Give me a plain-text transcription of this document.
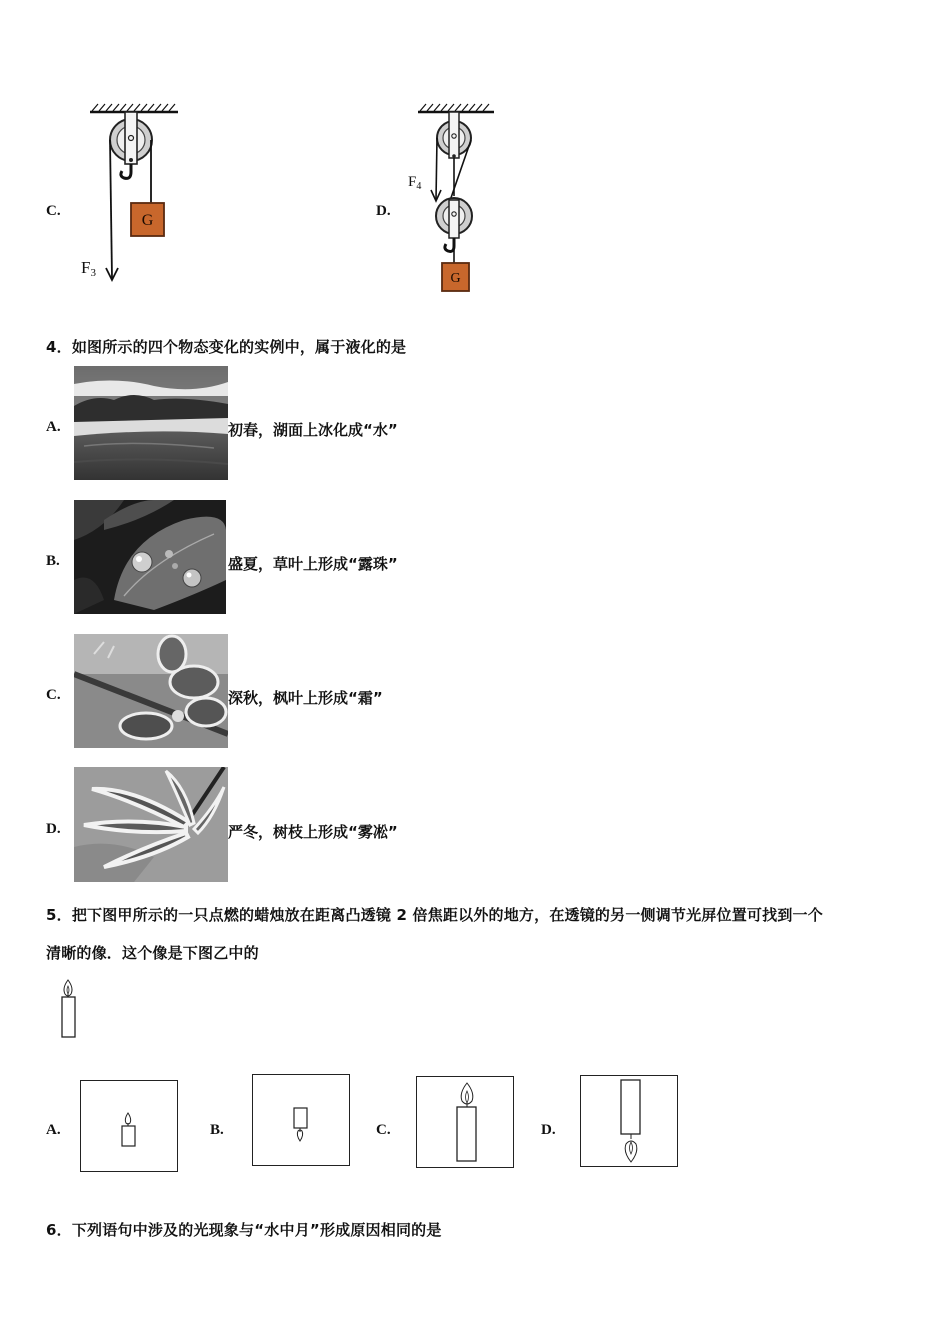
C.
G
F3
D.
G
$F_4$
4．如图所示的四个物态变化的实例中，属于液化的是
A.	初春，湖面上冰化成“水”
B.	盛夏，草叶上形成“露珠”
C.	深秋，枫叶上形成“霜”
D.	严冬，树枝上形成“雾凇”
5．把下图甲所示的一只点燃的蜡烛放在距离凸透镜 2 倍焦距以外的地方，在透镜的另一侧调节光屏位置可找到一个
清晰的像．这个像是下图乙中的
A.	B.	C.	D.
6．下列语句中涉及的光现象与“水中月”形成原因相同的是
